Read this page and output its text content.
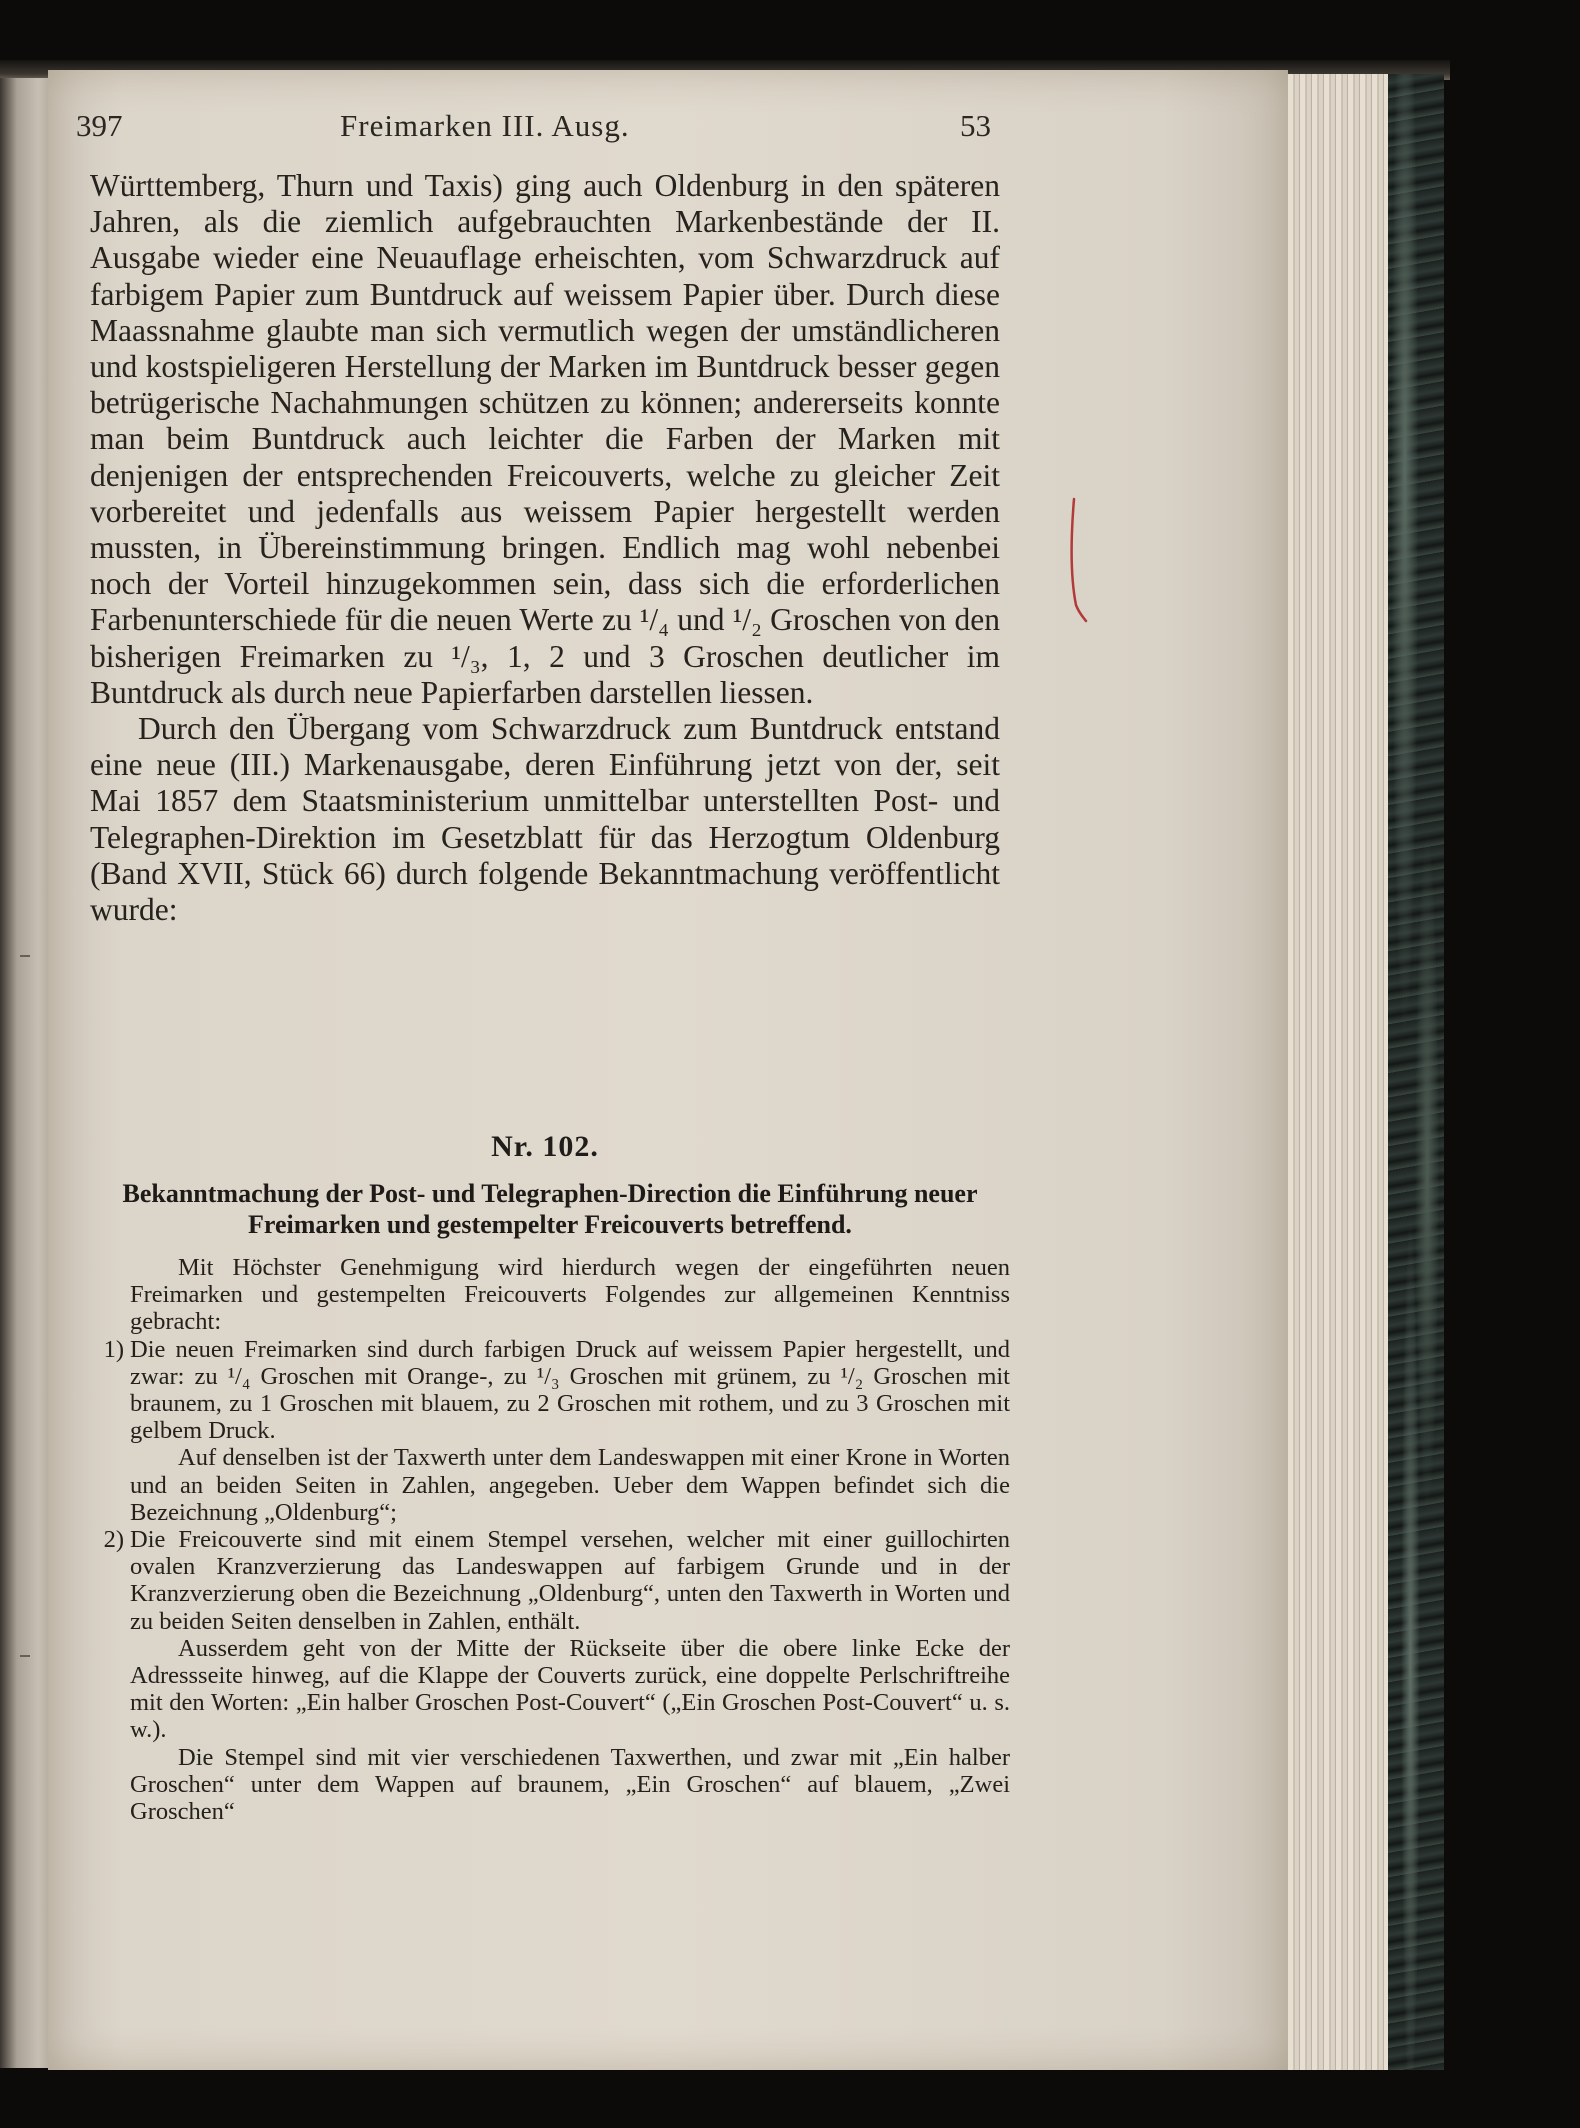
397	Freimarken III. Ausg.	53

Württemberg, Thurn und Taxis) ging auch Oldenburg in den späteren Jahren, als die ziemlich aufgebrauchten Markenbestände der II. Ausgabe wieder eine Neuauflage erheischten, vom Schwarzdruck auf farbigem Papier zum Buntdruck auf weissem Papier über. Durch diese Maassnahme glaubte man sich vermutlich wegen der umständlicheren und kostspieligeren Herstellung der Marken im Buntdruck besser gegen betrügerische Nachahmungen schützen zu können; andererseits konnte man beim Buntdruck auch leichter die Farben der Marken mit denjenigen der entsprechenden Freicouverts, welche zu gleicher Zeit vorbereitet und jedenfalls aus weissem Papier hergestellt werden mussten, in Übereinstimmung bringen. Endlich mag wohl nebenbei noch der Vorteil hinzugekommen sein, dass sich die erforderlichen Farbenunterschiede für die neuen Werte zu ¹/₄ und ¹/₂ Groschen von den bisherigen Freimarken zu ¹/₃, 1, 2 und 3 Groschen deutlicher im Buntdruck als durch neue Papierfarben darstellen liessen.

Durch den Übergang vom Schwarzdruck zum Buntdruck entstand eine neue (III.) Markenausgabe, deren Einführung jetzt von der, seit Mai 1857 dem Staatsministerium unmittelbar unterstellten Post- und Telegraphen-Direktion im Gesetzblatt für das Herzogtum Oldenburg (Band XVII, Stück 66) durch folgende Bekanntmachung veröffentlicht wurde:

Nr. 102.
Bekanntmachung der Post- und Telegraphen-Direction die Einführung neuer Freimarken und gestempelter Freicouverts betreffend.

Mit Höchster Genehmigung wird hierdurch wegen der eingeführten neuen Freimarken und gestempelten Freicouverts Folgendes zur allgemeinen Kenntniss gebracht:

1) Die neuen Freimarken sind durch farbigen Druck auf weissem Papier hergestellt, und zwar: zu ¹/₄ Groschen mit Orange-, zu ¹/₃ Groschen mit grünem, zu ¹/₂ Groschen mit braunem, zu 1 Groschen mit blauem, zu 2 Groschen mit rothem, und zu 3 Groschen mit gelbem Druck.

Auf denselben ist der Taxwerth unter dem Landeswappen mit einer Krone in Worten und an beiden Seiten in Zahlen, angegeben. Ueber dem Wappen befindet sich die Bezeichnung „Oldenburg“;

2) Die Freicouverte sind mit einem Stempel versehen, welcher mit einer guillochirten ovalen Kranzverzierung das Landeswappen auf farbigem Grunde und in der Kranzverzierung oben die Bezeichnung „Oldenburg“, unten den Taxwerth in Worten und zu beiden Seiten denselben in Zahlen, enthält.

Ausserdem geht von der Mitte der Rückseite über die obere linke Ecke der Adressseite hinweg, auf die Klappe der Couverts zurück, eine doppelte Perlschriftreihe mit den Worten: „Ein halber Groschen Post-Couvert“ („Ein Groschen Post-Couvert“ u. s. w.).

Die Stempel sind mit vier verschiedenen Taxwerthen, und zwar mit „Ein halber Groschen“ unter dem Wappen auf braunem, „Ein Groschen“ auf blauem, „Zwei Groschen“
